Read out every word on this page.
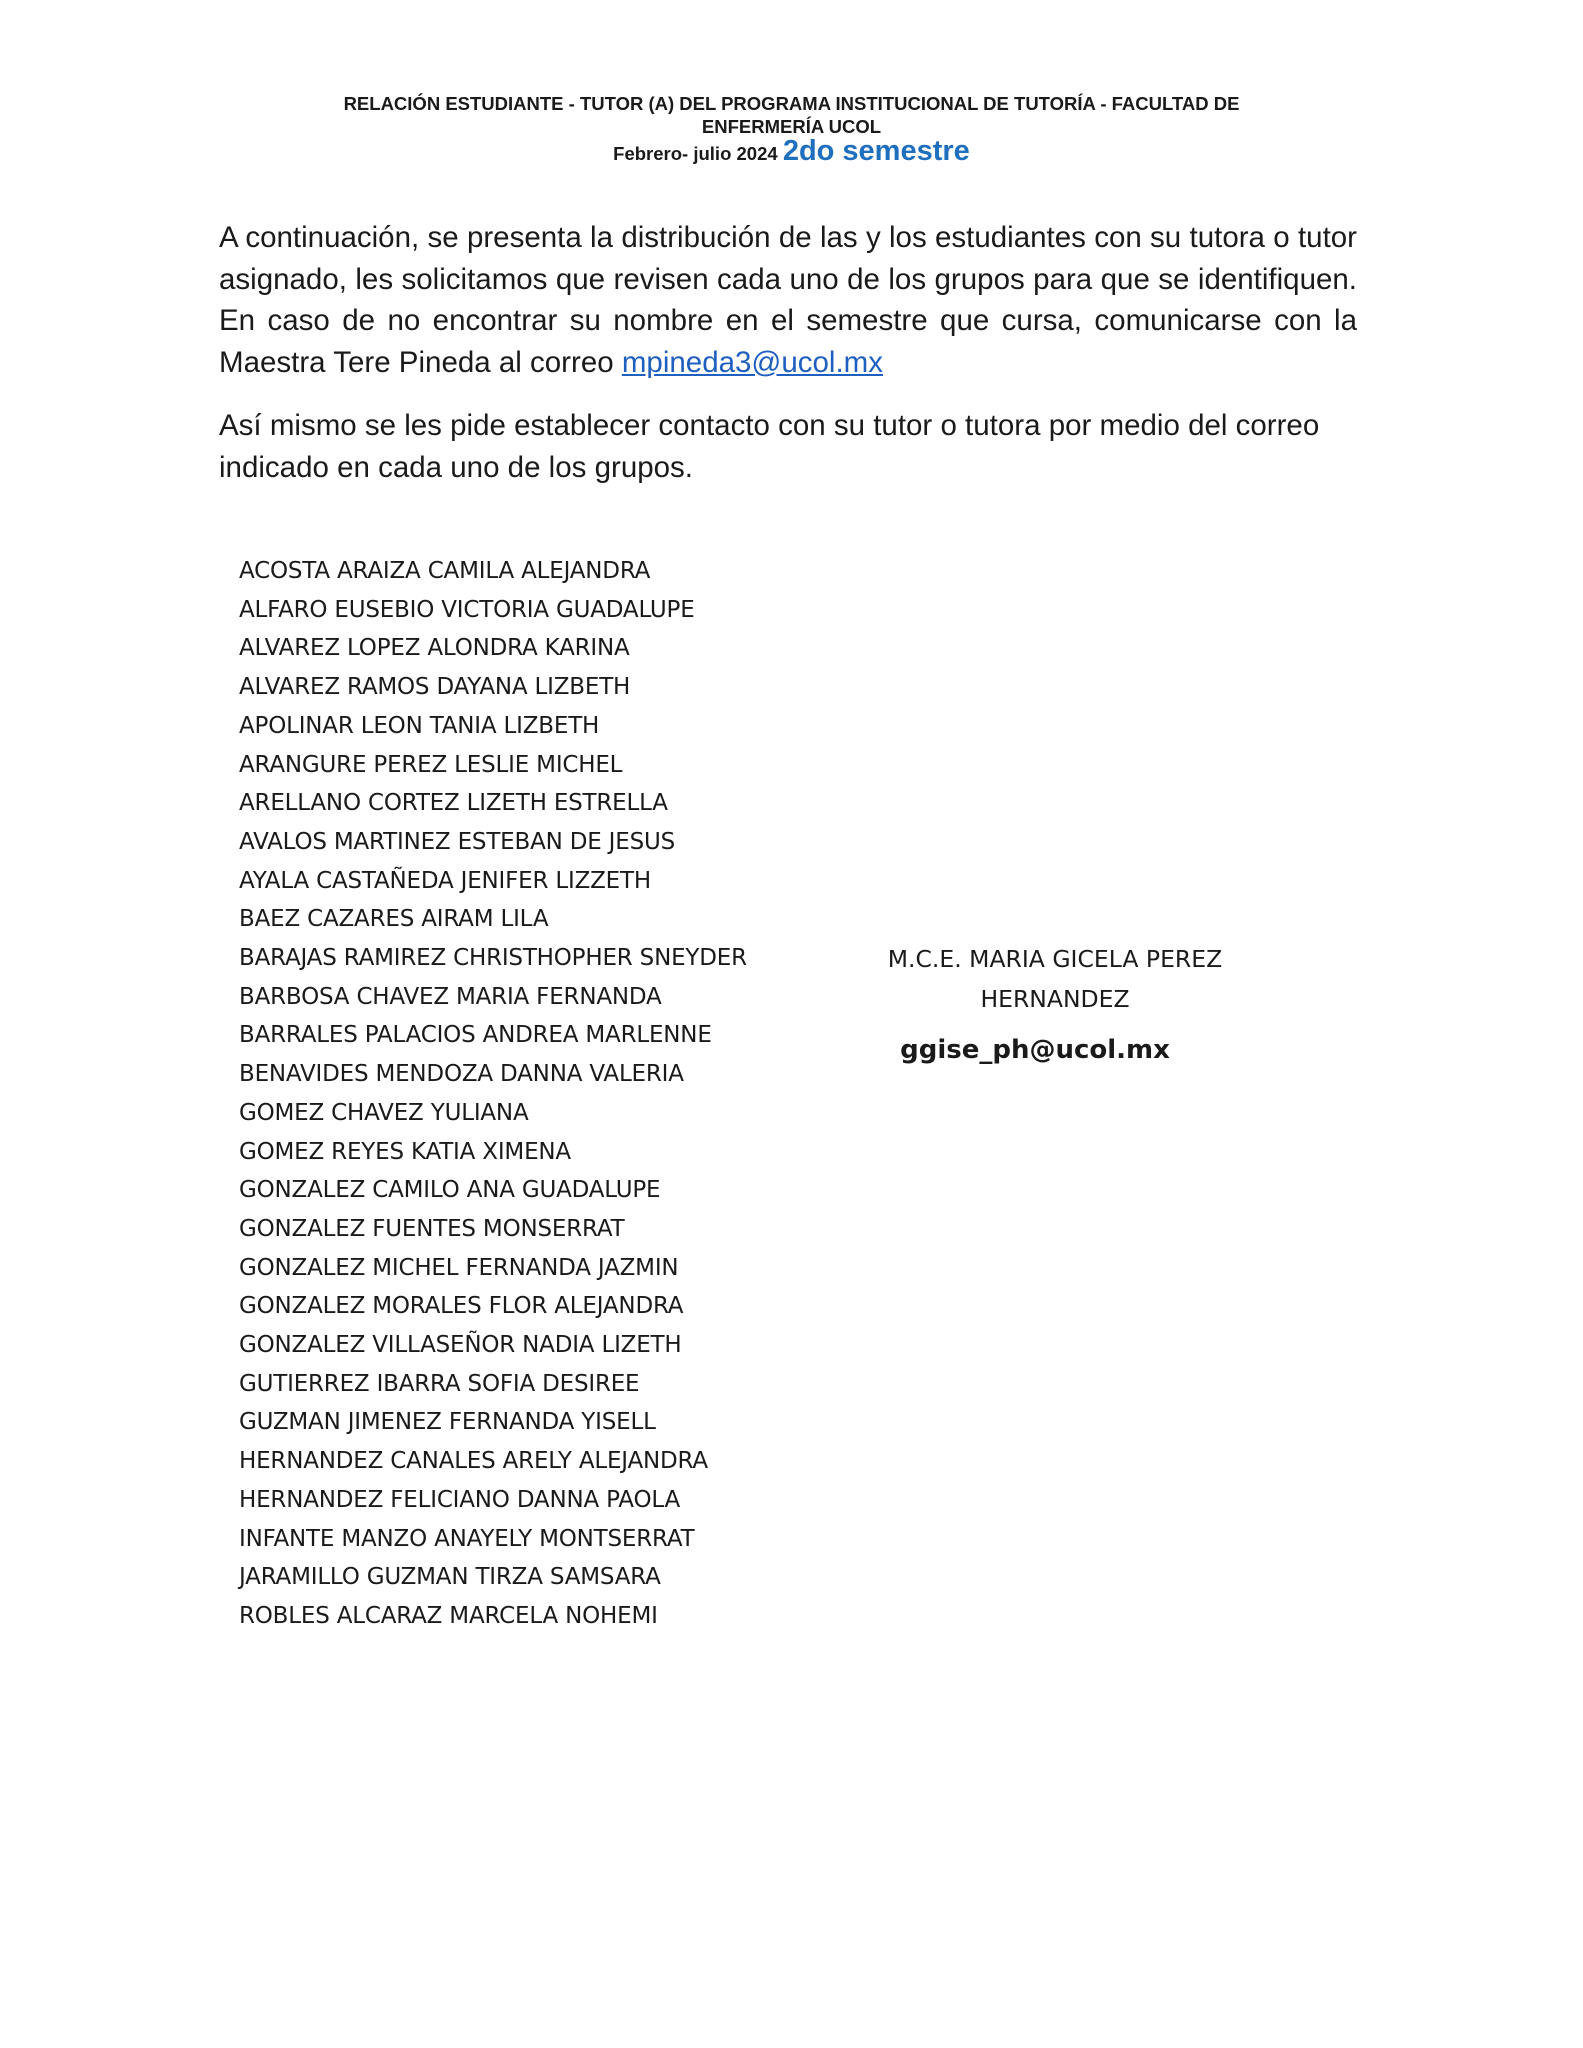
RELACIÓN ESTUDIANTE - TUTOR (A) DEL PROGRAMA INSTITUCIONAL DE TUTORÍA - FACULTAD DE
ENFERMERÍA UCOL
Febrero- julio 2024 2do semestre

A continuación, se presenta la distribución de las y los estudiantes con su tutora o tutor asignado, les solicitamos que revisen cada uno de los grupos para que se identifiquen. En caso de no encontrar su nombre en el semestre que cursa, comunicarse con la Maestra Tere Pineda al correo mpineda3@ucol.mx

Así mismo se les pide establecer contacto con su tutor o tutora por medio del correo indicado en cada uno de los grupos.

ACOSTA ARAIZA CAMILA ALEJANDRA
ALFARO EUSEBIO VICTORIA GUADALUPE
ALVAREZ LOPEZ ALONDRA KARINA
ALVAREZ RAMOS DAYANA LIZBETH
APOLINAR LEON TANIA LIZBETH
ARANGURE PEREZ LESLIE MICHEL
ARELLANO CORTEZ LIZETH ESTRELLA
AVALOS MARTINEZ ESTEBAN DE JESUS
AYALA CASTAÑEDA JENIFER LIZZETH
BAEZ CAZARES AIRAM LILA
BARAJAS RAMIREZ CHRISTHOPHER SNEYDER
BARBOSA CHAVEZ MARIA FERNANDA
BARRALES PALACIOS ANDREA MARLENNE
BENAVIDES MENDOZA DANNA VALERIA
GOMEZ CHAVEZ YULIANA
GOMEZ REYES KATIA XIMENA
GONZALEZ CAMILO ANA GUADALUPE
GONZALEZ FUENTES MONSERRAT
GONZALEZ MICHEL FERNANDA JAZMIN
GONZALEZ MORALES FLOR ALEJANDRA
GONZALEZ VILLASEÑOR NADIA LIZETH
GUTIERREZ IBARRA SOFIA DESIREE
GUZMAN JIMENEZ FERNANDA YISELL
HERNANDEZ CANALES ARELY ALEJANDRA
HERNANDEZ FELICIANO DANNA PAOLA
INFANTE MANZO ANAYELY MONTSERRAT
JARAMILLO GUZMAN TIRZA SAMSARA
ROBLES ALCARAZ MARCELA NOHEMI
M.C.E. MARIA GICELA PEREZ
HERNANDEZ
ggise_ph@ucol.mx
